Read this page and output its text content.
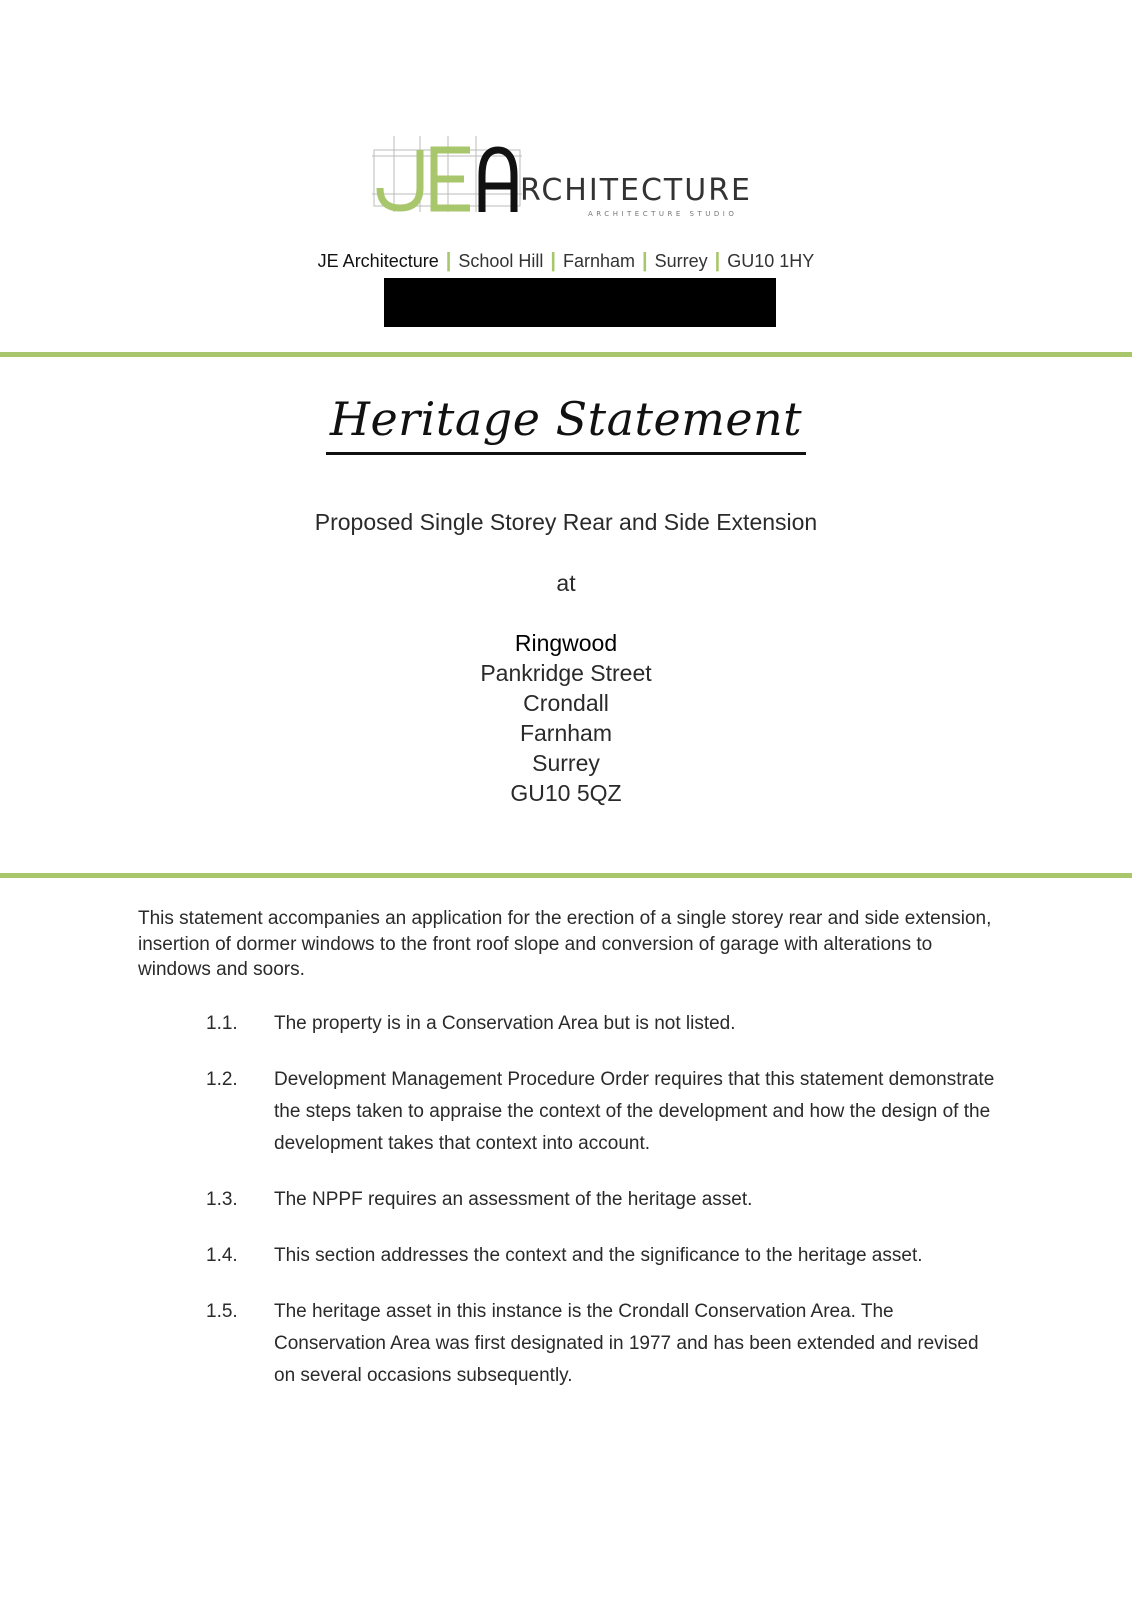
RCHITECTURE
ARCHITECTURE STUDIO
JE Architecture | School Hill | Farnham | Surrey | GU10 1HY
Heritage Statement
Proposed Single Storey Rear and Side Extension
at
Ringwood
Pankridge Street
Crondall
Farnham
Surrey
GU10 5QZ
This statement accompanies an application for the erection of a single storey rear and side extension, insertion of dormer windows to the front roof slope and conversion of garage with alterations to windows and soors.
1.1.	The property is in a Conservation Area but is not listed.
1.2.	Development Management Procedure Order requires that this statement demonstrate the steps taken to appraise the context of the development and how the design of the development takes that context into account.
1.3.	The NPPF requires an assessment of the heritage asset.
1.4.	This section addresses the context and the significance to the heritage asset.
1.5.	The heritage asset in this instance is the Crondall Conservation Area. The Conservation Area was first designated in 1977 and has been extended and revised on several occasions subsequently.
